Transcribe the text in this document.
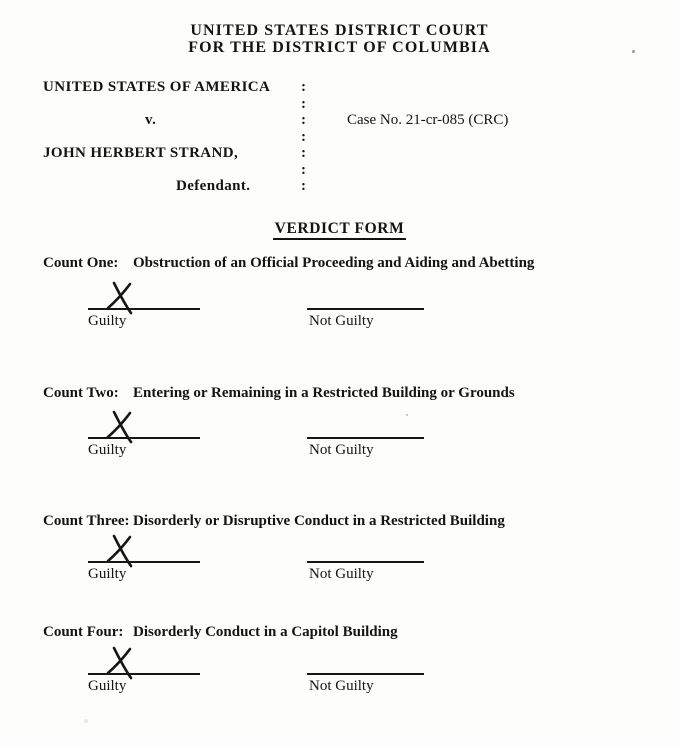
UNITED STATES DISTRICT COURT
FOR THE DISTRICT OF COLUMBIA
UNITED STATES OF AMERICA
v.
JOHN HERBERT STRAND,
Defendant.
:
:
:
:
:
:
:
Case No. 21-cr-085 (CRC)
VERDICT FORM
Count One: Obstruction of an Official Proceeding and Aiding and Abetting
Guilty	Not Guilty
Count Two: Entering or Remaining in a Restricted Building or Grounds
Guilty	Not Guilty
Count Three: Disorderly or Disruptive Conduct in a Restricted Building
Guilty	Not Guilty
Count Four: Disorderly Conduct in a Capitol Building
Guilty	Not Guilty
